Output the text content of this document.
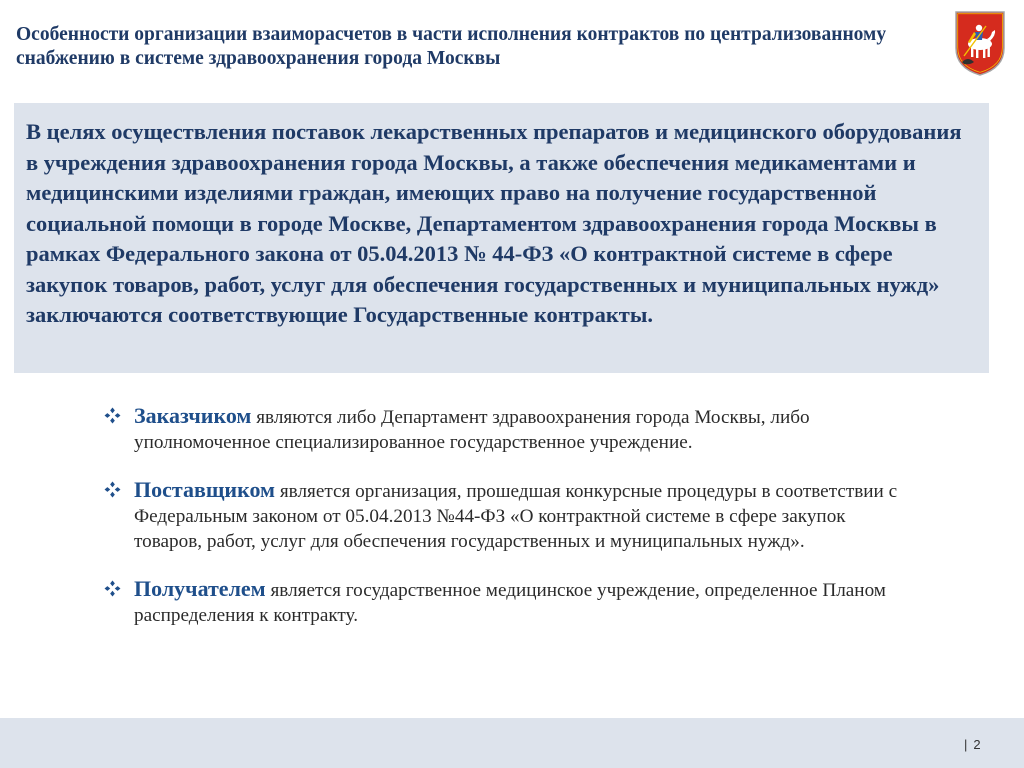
Особенности организации взаиморасчетов в части исполнения контрактов по централизованному снабжению в системе здравоохранения города Москвы

В целях осуществления поставок лекарственных препаратов и медицинского оборудования в учреждения здравоохранения города Москвы, а также обеспечения медикаментами и медицинскими изделиями граждан, имеющих право на получение государственной социальной помощи в городе Москве, Департаментом здравоохранения города Москвы в рамках Федерального закона от 05.04.2013 № 44-ФЗ «О контрактной системе в сфере закупок товаров, работ, услуг для обеспечения государственных и муниципальных нужд» заключаются соответствующие Государственные контракты.

Заказчиком являются либо Департамент здравоохранения города Москвы, либо уполномоченное специализированное государственное учреждение.
Поставщиком является организация, прошедшая конкурсные процедуры в соответствии с Федеральным законом от 05.04.2013 №44-ФЗ «О контрактной системе в сфере закупок товаров, работ, услуг для обеспечения государственных и муниципальных нужд».
Получателем является государственное медицинское учреждение, определенное Планом распределения к контракту.
| 2
